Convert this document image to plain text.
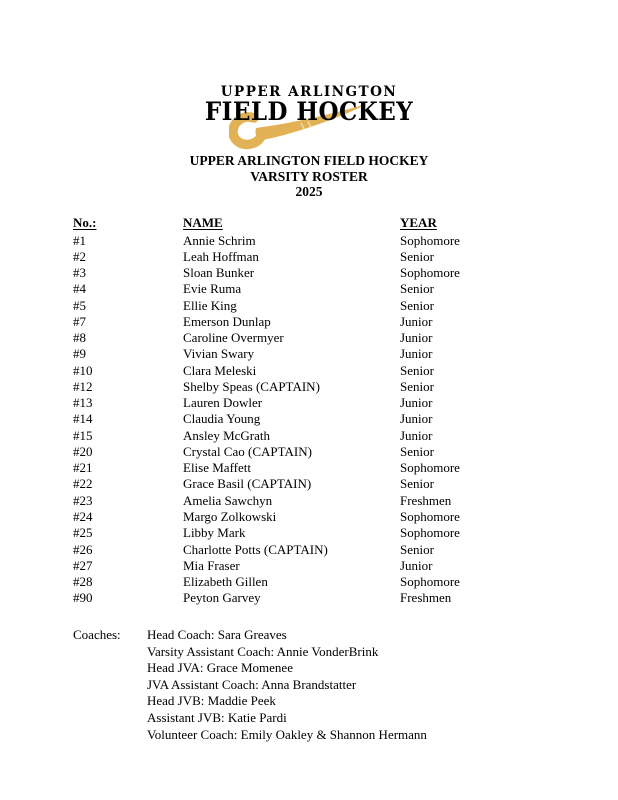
UPPER ARLINGTON
FIELD HOCKEY
UPPER ARLINGTON FIELD HOCKEY
VARSITY ROSTER
2025
No.:	NAME	YEAR
#1	Annie Schrim	Sophomore
#2	Leah Hoffman	Senior
#3	Sloan Bunker	Sophomore
#4	Evie Ruma	Senior
#5	Ellie King	Senior
#7	Emerson Dunlap	Junior
#8	Caroline Overmyer	Junior
#9	Vivian Swary	Junior
#10	Clara Meleski	Senior
#12	Shelby Speas (CAPTAIN)	Senior
#13	Lauren Dowler	Junior
#14	Claudia Young	Junior
#15	Ansley McGrath	Junior
#20	Crystal Cao (CAPTAIN)	Senior
#21	Elise Maffett	Sophomore
#22	Grace Basil (CAPTAIN)	Senior
#23	Amelia Sawchyn	Freshmen
#24	Margo Zolkowski	Sophomore
#25	Libby Mark	Sophomore
#26	Charlotte Potts (CAPTAIN)	Senior
#27	Mia Fraser	Junior
#28	Elizabeth Gillen	Sophomore
#90	Peyton Garvey	Freshmen
Coaches: Head Coach: Sara Greaves
Varsity Assistant Coach: Annie VonderBrink
Head JVA: Grace Momenee
JVA Assistant Coach: Anna Brandstatter
Head JVB: Maddie Peek
Assistant JVB: Katie Pardi
Volunteer Coach: Emily Oakley & Shannon Hermann
